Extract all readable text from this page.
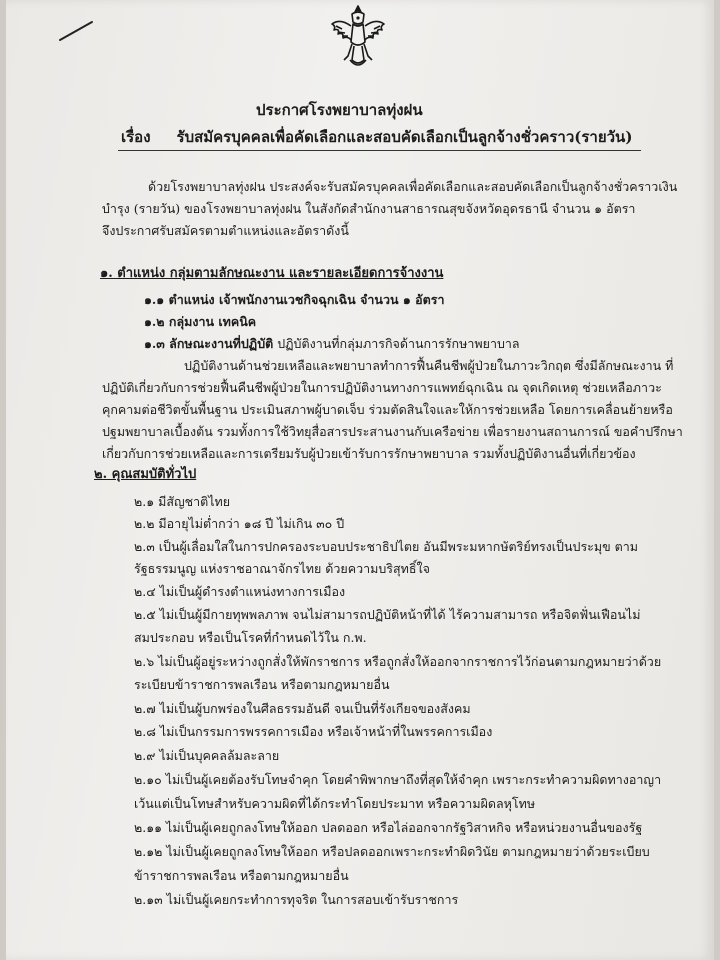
ประกาศโรงพยาบาลทุ่งฝน
เรื่อง รับสมัครบุคคลเพื่อคัดเลือกและสอบคัดเลือกเป็นลูกจ้างชั่วคราว(รายวัน)
ด้วยโรงพยาบาลทุ่งฝน ประสงค์จะรับสมัครบุคคลเพื่อคัดเลือกและสอบคัดเลือกเป็นลูกจ้างชั่วคราวเงิน
บำรุง (รายวัน) ของโรงพยาบาลทุ่งฝน ในสังกัดสำนักงานสาธารณสุขจังหวัดอุดรธานี จำนวน ๑ อัตรา
จึงประกาศรับสมัครตามตำแหน่งและอัตราดังนี้
๑. ตำแหน่ง กลุ่มตามลักษณะงาน และรายละเอียดการจ้างงาน
๑.๑ ตำแหน่ง เจ้าพนักงานเวชกิจฉุกเฉิน จำนวน ๑ อัตรา
๑.๒ กลุ่มงาน เทคนิค
๑.๓ ลักษณะงานที่ปฏิบัติ ปฏิบัติงานที่กลุ่มภารกิจด้านการรักษาพยาบาล
ปฏิบัติงานด้านช่วยเหลือและพยาบาลทำการฟื้นคืนชีพผู้ป่วยในภาวะวิกฤต ซึ่งมีลักษณะงาน ที่
ปฏิบัติเกี่ยวกับการช่วยฟื้นคืนชีพผู้ป่วยในการปฏิบัติงานทางการแพทย์ฉุกเฉิน ณ จุดเกิดเหตุ ช่วยเหลือภาวะ
คุกคามต่อชีวิตขั้นพื้นฐาน ประเมินสภาพผู้บาดเจ็บ ร่วมตัดสินใจและให้การช่วยเหลือ โดยการเคลื่อนย้ายหรือ
ปฐมพยาบาลเบื้องต้น รวมทั้งการใช้วิทยุสื่อสารประสานงานกับเครือข่าย เพื่อรายงานสถานการณ์ ขอคำปรึกษา
เกี่ยวกับการช่วยเหลือและการเตรียมรับผู้ป่วยเข้ารับการรักษาพยาบาล รวมทั้งปฏิบัติงานอื่นที่เกี่ยวข้อง
๒. คุณสมบัติทั่วไป
๒.๑ มีสัญชาติไทย
๒.๒ มีอายุไม่ต่ำกว่า ๑๘ ปี ไม่เกิน ๓๐ ปี
๒.๓ เป็นผู้เลื่อมใสในการปกครองระบอบประชาธิปไตย อันมีพระมหากษัตริย์ทรงเป็นประมุข ตาม
รัฐธรรมนูญ แห่งราชอาณาจักรไทย ด้วยความบริสุทธิ์ใจ
๒.๔ ไม่เป็นผู้ดำรงตำแหน่งทางการเมือง
๒.๕ ไม่เป็นผู้มีกายทุพพลภาพ จนไม่สามารถปฏิบัติหน้าที่ได้ ไร้ความสามารถ หรือจิตฟั่นเฟือนไม่
สมประกอบ หรือเป็นโรคที่กำหนดไว้ใน ก.พ.
๒.๖ ไม่เป็นผู้อยู่ระหว่างถูกสั่งให้พักราชการ หรือถูกสั่งให้ออกจากราชการไว้ก่อนตามกฎหมายว่าด้วย
ระเบียบข้าราชการพลเรือน หรือตามกฎหมายอื่น
๒.๗ ไม่เป็นผู้บกพร่องในศีลธรรมอันดี จนเป็นที่รังเกียจของสังคม
๒.๘ ไม่เป็นกรรมการพรรคการเมือง หรือเจ้าหน้าที่ในพรรคการเมือง
๒.๙ ไม่เป็นบุคคลล้มละลาย
๒.๑๐ ไม่เป็นผู้เคยต้องรับโทษจำคุก โดยคำพิพากษาถึงที่สุดให้จำคุก เพราะกระทำความผิดทางอาญา
เว้นแต่เป็นโทษสำหรับความผิดที่ได้กระทำโดยประมาท หรือความผิดลหุโทษ
๒.๑๑ ไม่เป็นผู้เคยถูกลงโทษให้ออก ปลดออก หรือไล่ออกจากรัฐวิสาหกิจ หรือหน่วยงานอื่นของรัฐ
๒.๑๒ ไม่เป็นผู้เคยถูกลงโทษให้ออก หรือปลดออกเพราะกระทำผิดวินัย ตามกฎหมายว่าด้วยระเบียบ
ข้าราชการพลเรือน หรือตามกฎหมายอื่น
๒.๑๓ ไม่เป็นผู้เคยกระทำการทุจริต ในการสอบเข้ารับราชการ
